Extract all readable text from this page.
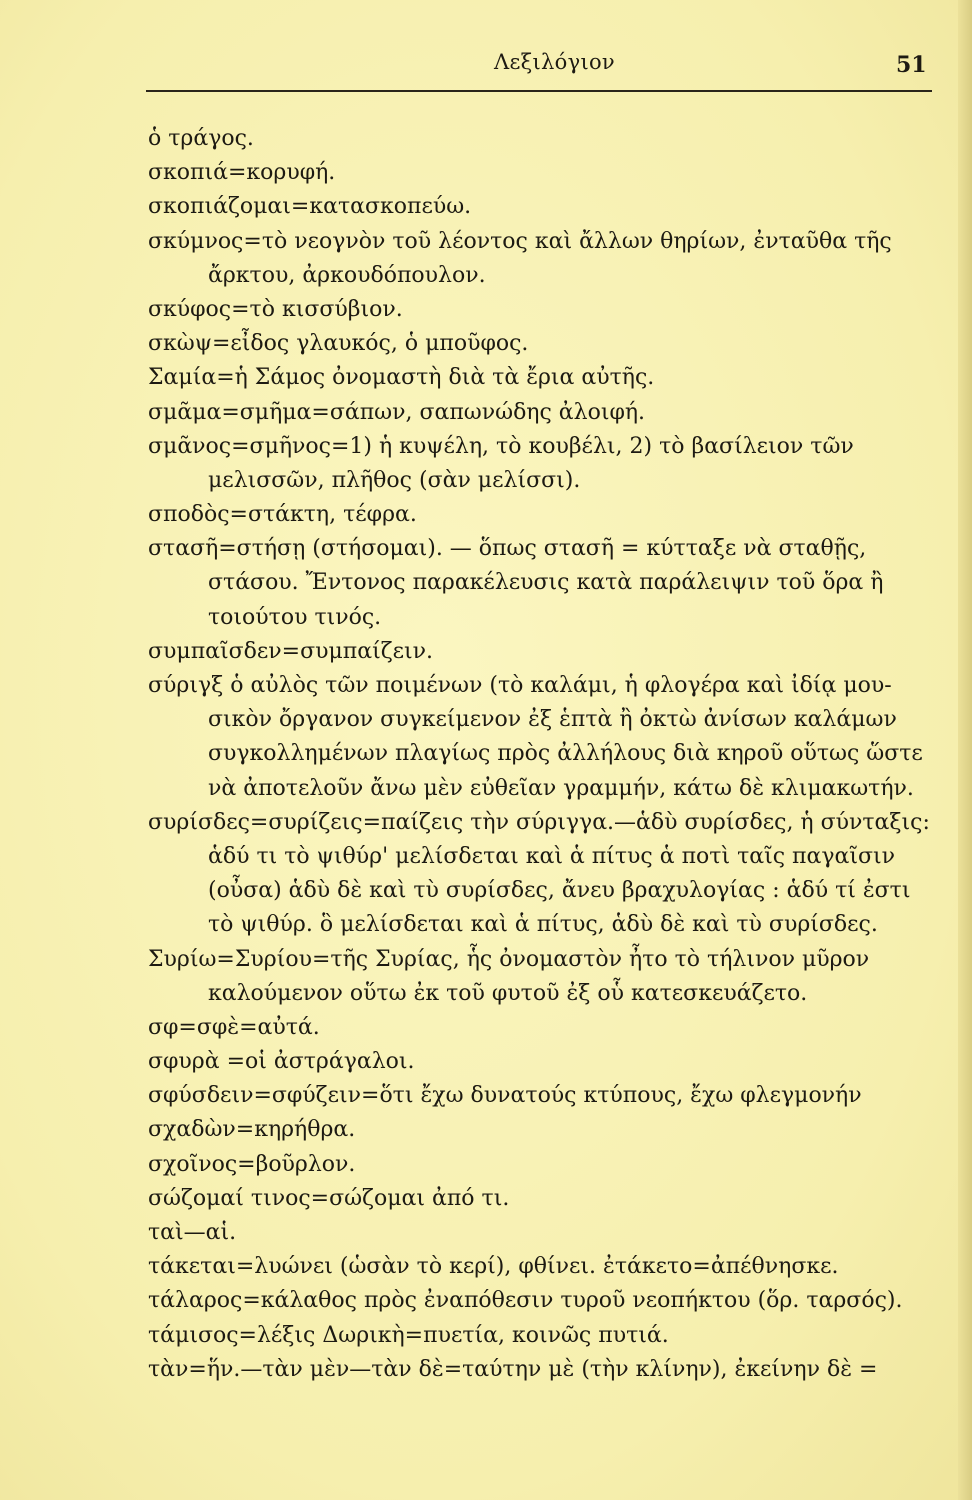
Λεξιλόγιον	51
ὁ τράγος.
σκοπιά=κορυφή.
σκοπιάζομαι=κατασκοπεύω.
σκύμνος=τὸ νεογνὸν τοῦ λέοντος καὶ ἄλλων θηρίων, ἐνταῦθα τῆς
ἄρκτου, ἀρκουδόπουλον.
σκύφος=τὸ κισσύβιον.
σκὼψ=εἶδος γλαυκός, ὁ μποῦφος.
Σαμία=ἡ Σάμος ὀνομαστὴ διὰ τὰ ἔρια αὐτῆς.
σμᾶμα=σμῆμα=σάπων, σαπωνώδης ἀλοιφή.
σμᾶνος=σμῆνος=1) ἡ κυψέλη, τὸ κουβέλι, 2) τὸ βασίλειον τῶν
μελισσῶν, πλῆθος (σὰν μελίσσι).
σποδὸς=στάκτη, τέφρα.
στασῆ=στήσῃ (στήσομαι). — ὅπως στασῆ = κύτταξε νὰ σταθῇς,
στάσου. Ἔντονος παρακέλευσις κατὰ παράλειψιν τοῦ ὅρα ἢ
τοιούτου τινός.
συμπαῖσδεν=συμπαίζειν.
σύριγξ ὁ αὐλὸς τῶν ποιμένων (τὸ καλάμι, ἡ φλογέρα καὶ ἰδίᾳ μου-
σικὸν ὄργανον συγκείμενον ἐξ ἑπτὰ ἢ ὀκτὼ ἀνίσων καλάμων
συγκολλημένων πλαγίως πρὸς ἀλλήλους διὰ κηροῦ οὕτως ὥστε
νὰ ἀποτελοῦν ἄνω μὲν εὐθεῖαν γραμμήν, κάτω δὲ κλιμακωτήν.
συρίσδες=συρίζεις=παίζεις τὴν σύριγγα.—ἁδὺ συρίσδες, ἡ σύνταξις:
ἁδύ τι τὸ ψιθύρ' μελίσδεται καὶ ἁ πίτυς ἁ ποτὶ ταῖς παγαῖσιν
(οὖσα) ἁδὺ δὲ καὶ τὺ συρίσδες, ἄνευ βραχυλογίας : ἁδύ τί ἐστι
τὸ ψιθύρ. ὃ μελίσδεται καὶ ἁ πίτυς, ἁδὺ δὲ καὶ τὺ συρίσδες.
Συρίω=Συρίου=τῆς Συρίας, ἧς ὀνομαστὸν ἦτο τὸ τήλινον μῦρον
καλούμενον οὕτω ἐκ τοῦ φυτοῦ ἐξ οὗ κατεσκευάζετο.
σφ=σφὲ=αὐτά.
σφυρὰ =οἱ ἀστράγαλοι.
σφύσδειν=σφύζειν=ὅτι ἔχω δυνατούς κτύπους, ἔχω φλεγμονήν
σχαδὼν=κηρήθρα.
σχοῖνος=βοῦρλον.
σώζομαί τινος=σώζομαι ἀπό τι.
ταὶ—αἱ.
τάκεται=λυώνει (ὡσὰν τὸ κερί), φθίνει. ἐτάκετο=ἀπέθνησκε.
τάλαρος=κάλαθος πρὸς ἐναπόθεσιν τυροῦ νεοπήκτου (ὅρ. ταρσός).
τάμισος=λέξις Δωρικὴ=πυετία, κοινῶς πυτιά.
τὰν=ἥν.—τὰν μὲν—τὰν δὲ=ταύτην μὲ (τὴν κλίνην), ἐκείνην δὲ =
